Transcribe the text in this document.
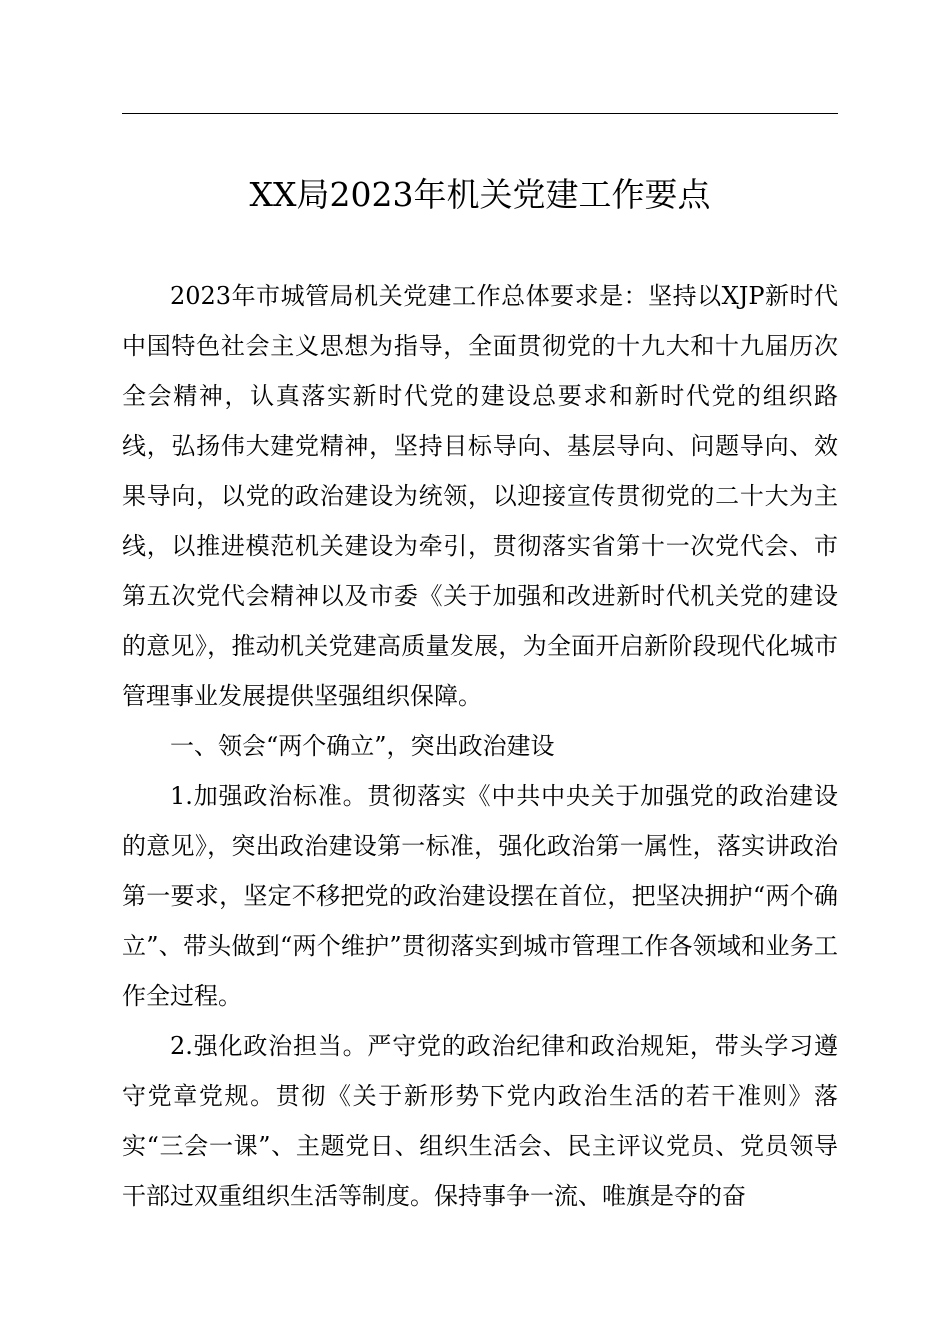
XX局2023年机关党建工作要点

2023年市城管局机关党建工作总体要求是：坚持以XJP新时代中国特色社会主义思想为指导，全面贯彻党的十九大和十九届历次全会精神，认真落实新时代党的建设总要求和新时代党的组织路线，弘扬伟大建党精神，坚持目标导向、基层导向、问题导向、效果导向，以党的政治建设为统领，以迎接宣传贯彻党的二十大为主线，以推进模范机关建设为牵引，贯彻落实省第十一次党代会、市第五次党代会精神以及市委《关于加强和改进新时代机关党的建设的意见》，推动机关党建高质量发展，为全面开启新阶段现代化城市管理事业发展提供坚强组织保障。

一、领会“两个确立”，突出政治建设

1.加强政治标准。贯彻落实《中共中央关于加强党的政治建设的意见》，突出政治建设第一标准，强化政治第一属性，落实讲政治第一要求，坚定不移把党的政治建设摆在首位，把坚决拥护“两个确立”、带头做到“两个维护”贯彻落实到城市管理工作各领域和业务工作全过程。

2.强化政治担当。严守党的政治纪律和政治规矩，带头学习遵守党章党规。贯彻《关于新形势下党内政治生活的若干准则》落实“三会一课”、主题党日、组织生活会、民主评议党员、党员领导干部过双重组织生活等制度。保持事争一流、唯旗是夺的奋
